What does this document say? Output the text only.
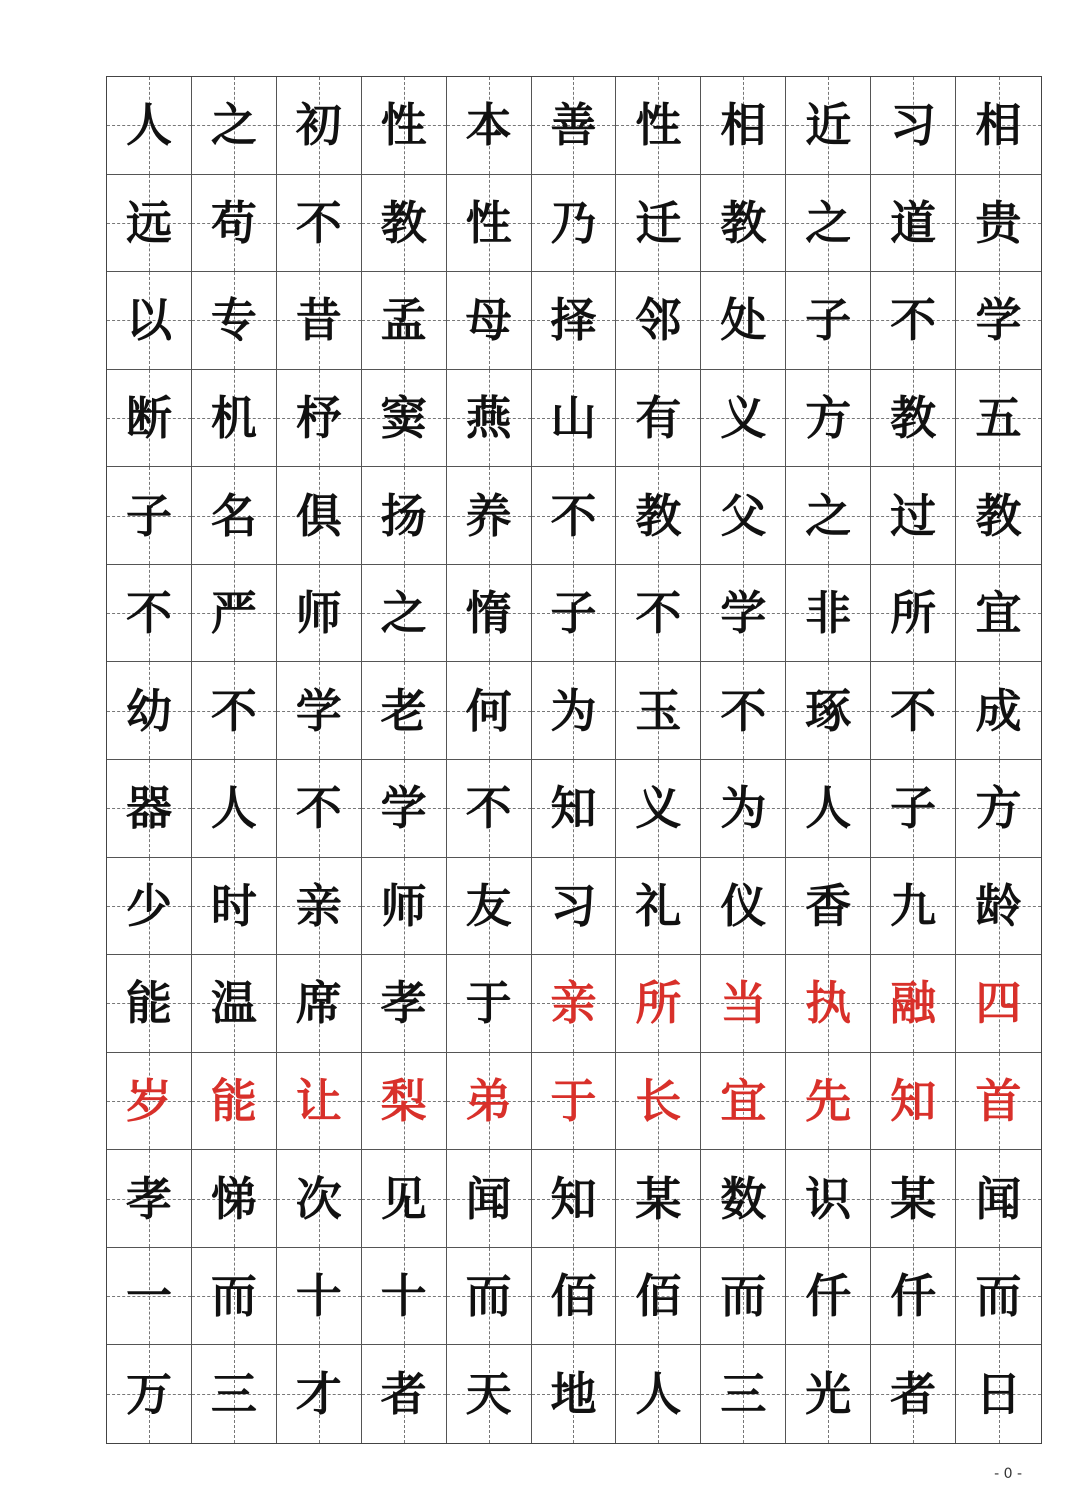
人 之 初 性 本 善 性 相 近 习 相
远 苟 不 教 性 乃 迁 教 之 道 贵
以 专 昔 孟 母 择 邻 处 子 不 学
断 机 杼 窦 燕 山 有 义 方 教 五
子 名 俱 扬 养 不 教 父 之 过 教
不 严 师 之 惰 子 不 学 非 所 宜
幼 不 学 老 何 为 玉 不 琢 不 成
器 人 不 学 不 知 义 为 人 子 方
少 时 亲 师 友 习 礼 仪 香 九 龄
能 温 席 孝 于 亲 所 当 执 融 四
岁 能 让 梨 弟 于 长 宜 先 知 首
孝 悌 次 见 闻 知 某 数 识 某 闻
一 而 十 十 而 佰 佰 而 仟 仟 而
万 三 才 者 天 地 人 三 光 者 日
- 0 -
